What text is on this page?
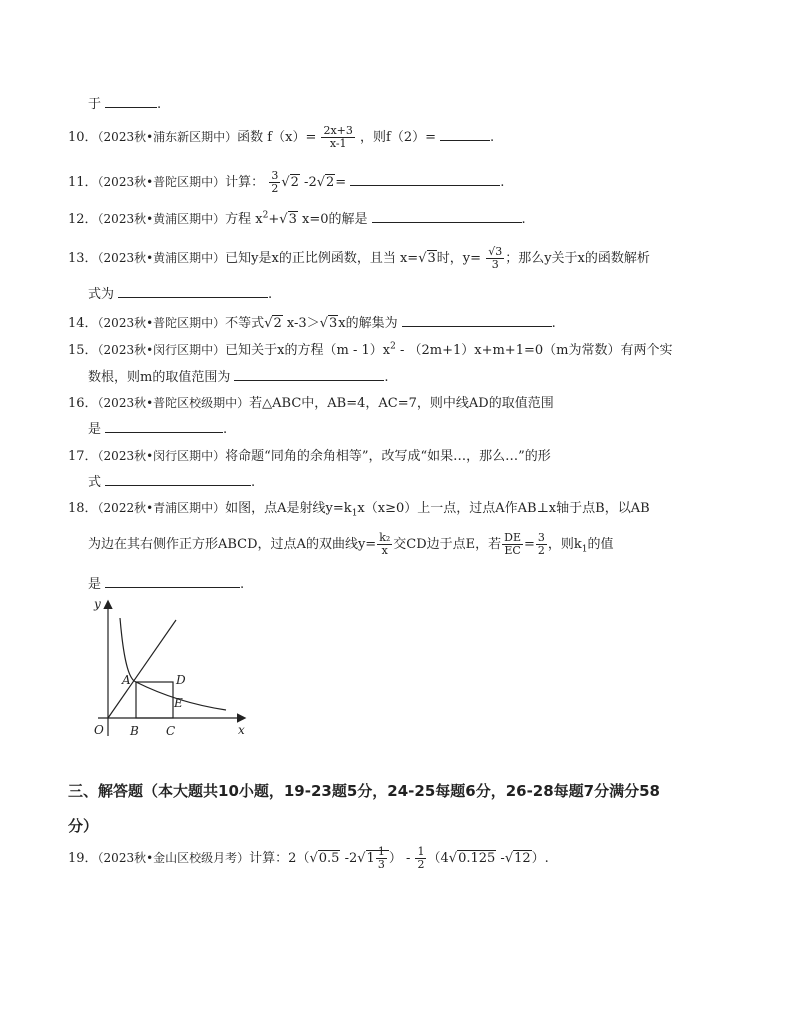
于	.
10．（2023秋•浦东新区期中）函数 $f(x)= \frac{2x+3}{x-1}$ ，则f（2）=	.
11．（2023秋•普陀区期中）计算： $\frac{3}{2} √2$ -2√2=	.
12．（2023秋•黄浦区期中）方程 $x^2+√3$ x=0的解是	.
13．（2023秋•黄浦区期中）已知y是x的正比例函数，且当 x=√3时，$y= \frac{√3}{3}$ ；那么y关于x的函数解析
式为	.
14．（2023秋•普陀区期中）不等式√2 x-3＞√3x的解集为	.
15．（2023秋•闵行区期中）已知关于x的方程$(m - 1)x^2 - (2m+1)x+m+1=0(m$为常数）有两个实
数根，则m的取值范围为	.
16．（2023秋•普陀区校级期中）若△ABC中，AB=4，AC=7，则中线AD的取值范围
是	.
17．（2023秋•闵行区期中）将命题“同角的余角相等”，改写成“如果…，那么…”的形
式	.
18．（2022秋•青浦区期中）如图，点A是射线$y=k_1x(x\ge 0)$上一点，过点A作AB⊥x轴于点B，以AB
为边在其右侧作正方形ABCD，过点A的双曲线$y= \frac{\text{k₂}}{x}$ 交CD边于点E，若 $\frac{DE}{EC} = \frac{3}{2}$ ，则$k_1$的值
是	.
y
x
O
A
B C
D
E
三、解答题（本大题共10小题，19-23题5分，24-25每题6分，26-28每题7分满分58
分）
19．（2023秋•金山区校级月考）计算：2（√0.5 $-2√1 \frac{1}{3}$ ） - $\frac{1}{2} (4√0.125$ -√12）.
